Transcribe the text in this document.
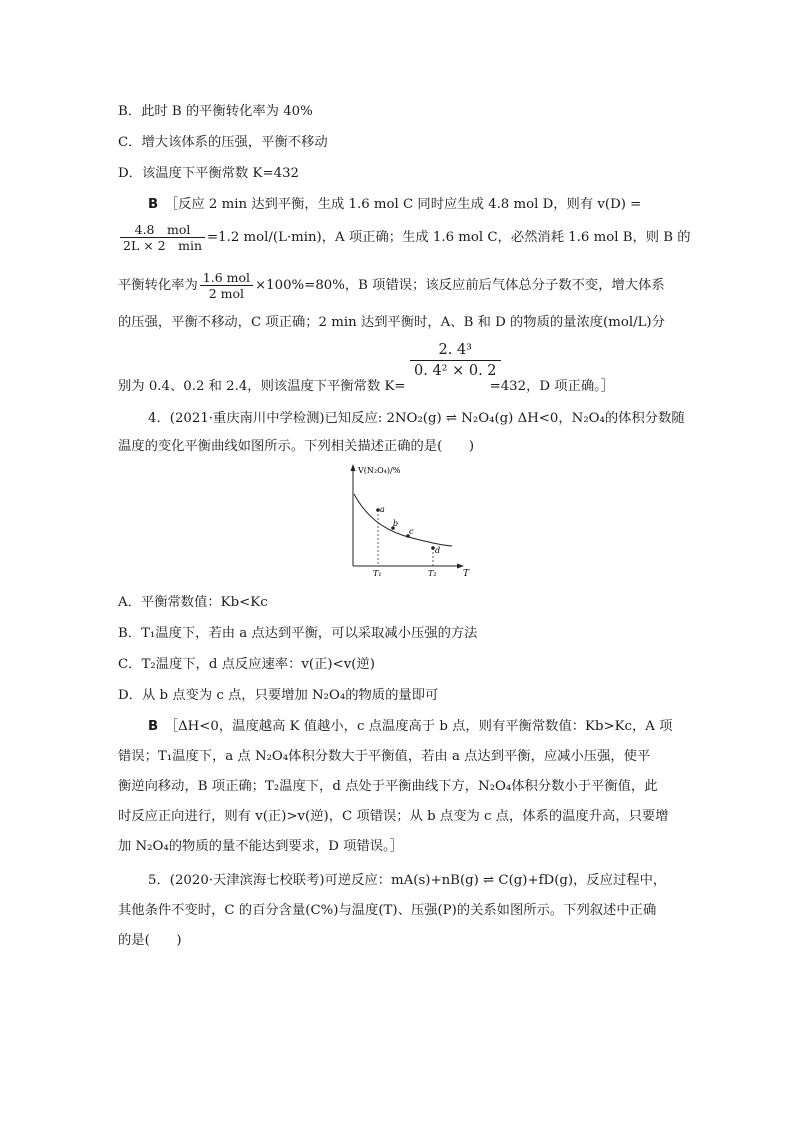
B．此时 B 的平衡转化率为 40%
C．增大该体系的压强，平衡不移动
D．该温度下平衡常数 K=432
B　 ［反应 2 min 达到平衡，生成 1.6 mol C 同时应生成 4.8 mol D，则有 v(D) =
$\frac{\text{4.8　mol}}{2L \times 2 \min} =1.2$ mol/(L·min)，A 项正确；生成 1.6 mol C，必然消耗 1.6 mol B，则 B 的
平衡转化率为 $\frac{\text{1.6 mol}}{\text{2 mol}} \times 100\%=80\%$，B 项错误；该反应前后气体总分子数不变，增大体系
的压强，平衡不移动，C 项正确；2 min 达到平衡时，A、B 和 D 的物质的量浓度(mol/L)分
$\frac{\text{2. 4³}}{\text{0. 4² × 0. 2}}$
别为 0.4、0.2 和 2.4，则该温度下平衡常数 K=	=432，D 项正确。］
4．(2021·重庆南川中学检测)已知反应: 2NO₂(g) ⇌ N₂O₄(g) ΔH<0，N₂O₄的体积分数随
温度的变化平衡曲线如图所示。下列相关描述正确的是(　　)
V(N₂O₄)/%
T
a
b
c
d
T₁	T₂
A．平衡常数值：Kb<Kc
B．T₁温度下，若由 a 点达到平衡，可以采取减小压强的方法
C．T₂温度下，d 点反应速率：v(正)<v(逆)
D．从 b 点变为 c 点，只要增加 N₂O₄的物质的量即可
B　 ［ΔH<0，温度越高 K 值越小，c 点温度高于 b 点，则有平衡常数值：Kb>Kc，A 项
错误；T₁温度下，a 点 N₂O₄体积分数大于平衡值，若由 a 点达到平衡，应减小压强，使平
衡逆向移动，B 项正确；T₂温度下，d 点处于平衡曲线下方，N₂O₄体积分数小于平衡值，此
时反应正向进行，则有 v(正)>v(逆)，C 项错误；从 b 点变为 c 点，体系的温度升高，只要增
加 N₂O₄的物质的量不能达到要求，D 项错误。］
5．(2020·天津滨海七校联考)可逆反应：mA(s)+nB(g) ⇌ C(g)+fD(g)，反应过程中，
其他条件不变时，C 的百分含量(C%)与温度(T)、压强(P)的关系如图所示。下列叙述中正确
的是(　　)
